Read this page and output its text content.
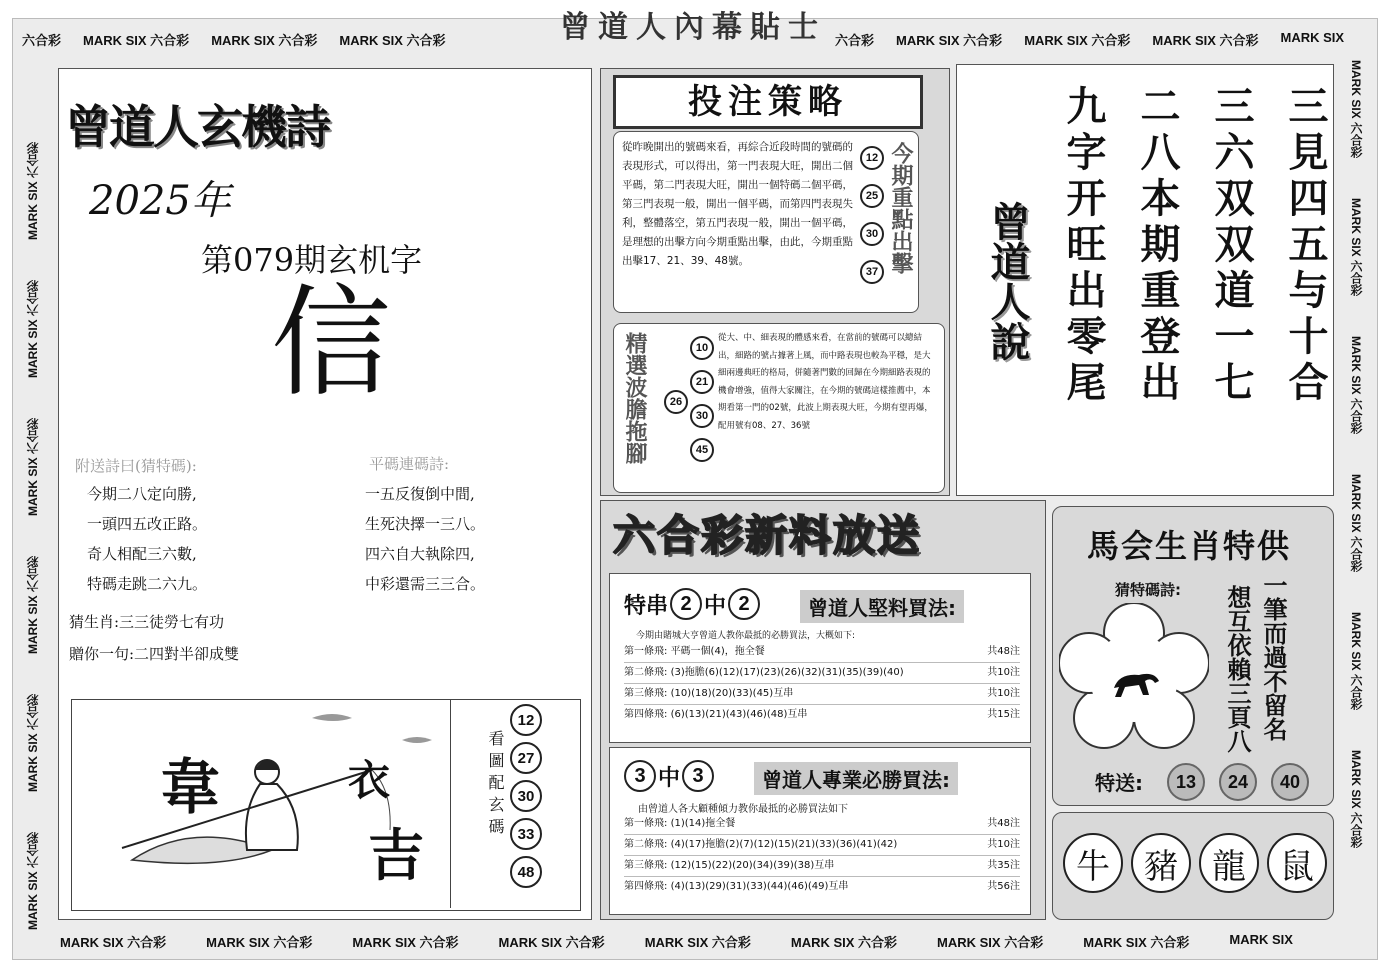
曾道人內幕貼士
六合彩 MARK SIX 六合彩 MARK SIX 六合彩 MARK SIX 六合彩	六合彩 MARK SIX 六合彩 MARK SIX 六合彩 MARK SIX 六合彩 MARK SIX
MARK SIX 六合彩	MARK SIX 六合彩	MARK SIX 六合彩	MARK SIX 六合彩	MARK SIX 六合彩	MARK SIX 六合彩	MARK SIX 六合彩	MARK SIX 六合彩	MARK SIX
MARK SIX 六合彩
MARK SIX 六合彩
MARK SIX 六合彩
MARK SIX 六合彩
MARK SIX 六合彩
MARK SIX 六合彩
MARK SIX 六合彩
MARK SIX 六合彩
MARK SIX 六合彩
MARK SIX 六合彩
MARK SIX 六合彩
MARK SIX 六合彩
曾道人玄機詩
2025年
第079期玄机字
信
附送詩曰(猜特碼):	平碼連碼詩:
今期二八定向勝,
一頭四五改正路。
奇人相配三六數,
特碼走跳二六九。
一五反復倒中間,
生死決擇一三八。
四六自大執除四,
中彩還需三三合。
猜生肖:三三徒勞七有功
贈你一句:二四對半卻成雙
韋	衣
吉
看圖配玄碼
12
27
30
33
48
投注策略
從昨晚開出的號碼來看，再綜合近段時間的號碼的表現形式，可以得出，第一門表現大旺，開出二個平碼，第二門表現大旺，開出一個特碼二個平碼，第三門表現一般，開出一個平碼，而第四門表現失利，整體落空，第五門表現一般，開出一個平碼，是理想的出擊方向今期重點出擊，由此，今期重點出擊17、21、39、48號。
12
25
30
37 今期重點出擊
精選波膽拖腳	10
21
30
45
26
從大、中、細表現的體感來看，在當前的號碼可以總結出，細路的號占據著上風，而中路表現也較為平穩，是大細兩邊典旺的格局，併隨著門數的回歸在今期細路表現的機會增強，值得大家關注，在今期的號碼這樣推薦中，本期看第一門的02號，此波上期表現大旺，今期有望再爆，配用號有08、27、36號
曾道人說	三見四五与十合
三六双双道一七
二八本期重登出
九字开旺出零尾
六合彩新料放送
特串 2 中 2	曾道人堅料買法:
今期由賭城大亨曾道人教你最抵的必勝買法，大概如下:
第一條飛: 平碼一個(4)，拖全餐	共48注
第二條飛: (3)拖膽(6)(12)(17)(23)(26)(32)(31)(35)(39)(40)	共10注
第三條飛: (10)(18)(20)(33)(45)互串	共10注
第四條飛: (6)(13)(21)(43)(46)(48)互串	共15注
3 中 3	曾道人專業必勝買法:
由曾道人各大顧種傾力教你最抵的必勝買法如下
第一條飛: (1)(14)拖全餐	共48注
第二條飛: (4)(17)拖膽(2)(7)(12)(15)(21)(33)(36)(41)(42)	共10注
第三條飛: (12)(15)(22)(20)(34)(39)(38)互串	共35注
第四條飛: (4)(13)(29)(31)(33)(44)(46)(49)互串	共56注
馬会生肖特供
猜特碼詩:	一筆而過不留名
想互依賴三頁八
特送:	13	24	40
牛	豬	龍	鼠
